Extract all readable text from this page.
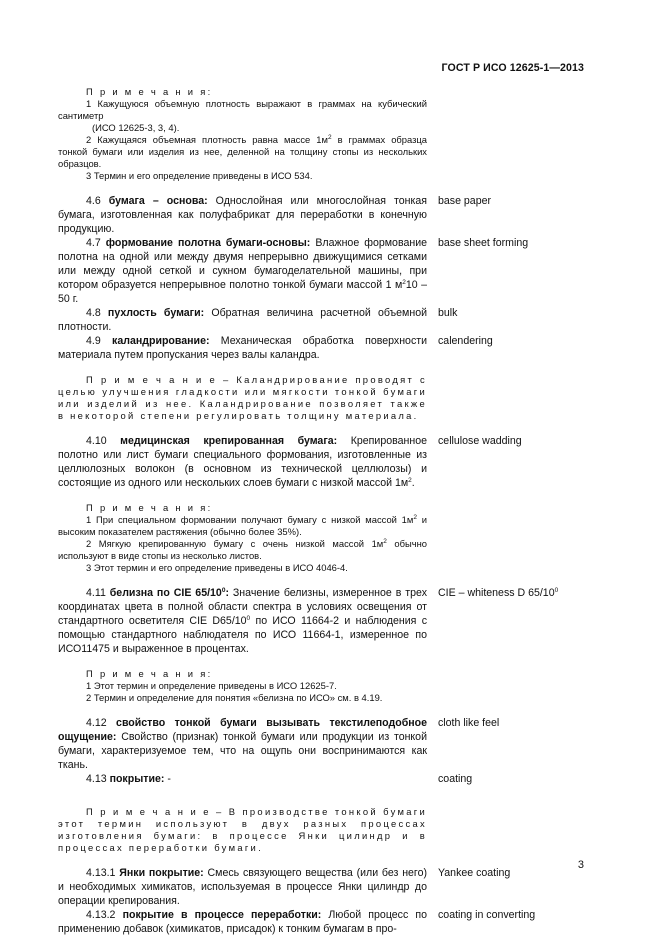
ГОСТ Р ИСО 12625-1—2013

П р и м е ч а н и я:

1 Кажущуюся объемную плотность выражают в граммах на кубический сантиметр

(ИСО 12625-3, 3, 4).

2 Кажущаяся объемная плотность равна массе $1м^2$ в граммах образца тонкой бумаги или изделия из нее, деленной на толщину стопы из нескольких образцов.

3 Термин и его определение приведены в ИСО 534.

4.6 бумага – основа: Однослойная или многослойная тонкая бумага, изготовленная как полуфабрикат для переработки в конечную продукцию.

base paper

4.7 формование полотна бумаги-основы: Влажное формование полотна на одной или между двумя непрерывно движущимися сетками или между одной сеткой и сукном бумагоделательной машины, при котором образуется непрерывное полотно тонкой бумаги массой 1 $м^210 - 50$ г.

base sheet forming

4.8 пухлость бумаги: Обратная величина расчетной объемной плотности.

bulk

4.9 каландрирование: Механическая обработка поверхности материала путем пропускания через валы каландра.

calendering

П р и м е ч а н и е – Каландрирование проводят с целью улучшения гладкости или мягкости тонкой бумаги или изделий из нее. Каландрирование позволяет также в некоторой степени регулировать толщину материала.

4.10 медицинская крепированная бумага: Крепированное полотно или лист бумаги специального формования, изготовленные из целлюлозных волокон (в основном из технической целлюлозы) и состоящие из одного или нескольких слоев бумаги с низкой массой $1м^2$.

cellulose wadding

П р и м е ч а н и я:

1 При специальном формовании получают бумагу с низкой массой $1м^2$ и высоким показателем растяжения (обычно более 35%).

2 Мягкую крепированную бумагу с очень низкой массой $1м^2$ обычно используют в виде стопы из несколько листов.

3 Этот термин и его определение приведены в ИСО 4046-4.

4.11 белизна по CIE $65/10^0$: Значение белизны, измеренное в трех координатах цвета в полной области спектра в условиях освещения от стандартного осветителя CIE $D65/10^0$ по ИСО 11664-2 и наблюдения с помощью стандартного наблюдателя по ИСО 11664-1, измеренное по ИСО11475 и выраженное в процентах.

CIE – whiteness D $65/10^0$

П р и м е ч а н и я:

1 Этот термин и определение приведены в ИСО 12625-7.

2 Термин и определение для понятия «белизна по ИСО» см. в 4.19.

4.12 свойство тонкой бумаги вызывать текстилеподобное ощущение: Свойство (признак) тонкой бумаги или продукции из тонкой бумаги, характеризуемое тем, что на ощупь они воспринимаются как ткань.

cloth like feel

4.13 покрытие: -	coating

П р и м е ч а н и е – В производстве тонкой бумаги этот термин используют в двух разных процессах изготовления бумаги: в процессе Янки цилиндр и в процессах переработки бумаги.

4.13.1 Янки покрытие: Смесь связующего вещества (или без него) и необходимых химикатов, используемая в процессе Янки цилиндр до операции крепирования.

Yankee coating

4.13.2 покрытие в процессе переработки: Любой процесс по применению добавок (химикатов, присадок) к тонким бумагам в про-

coating in converting
3
